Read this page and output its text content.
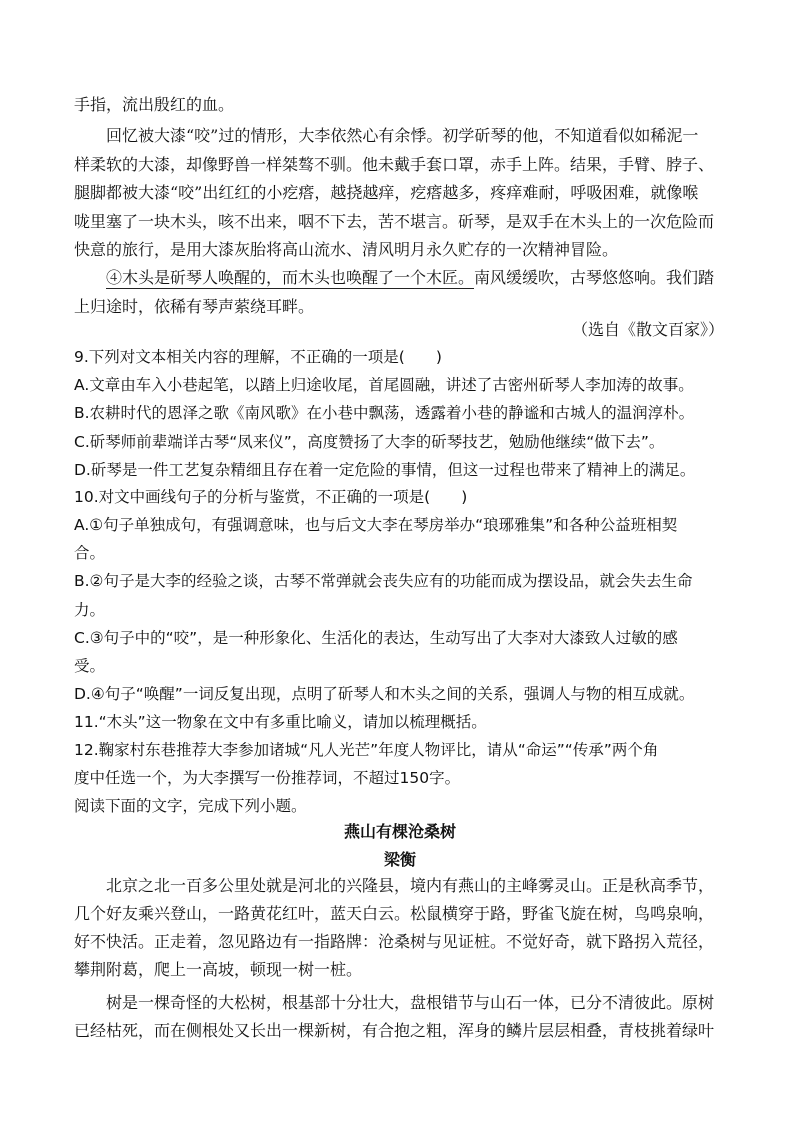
手指，流出殷红的血。
回忆被大漆“咬”过的情形，大李依然心有余悸。初学斫琴的他，不知道看似如稀泥一
样柔软的大漆，却像野兽一样桀骜不驯。他未戴手套口罩，赤手上阵。结果，手臂、脖子、
腿脚都被大漆“咬”出红红的小疙瘩，越挠越痒，疙瘩越多，疼痒难耐，呼吸困难，就像喉
咙里塞了一块木头，咳不出来，咽不下去，苦不堪言。斫琴，是双手在木头上的一次危险而
快意的旅行，是用大漆灰胎将高山流水、清风明月永久贮存的一次精神冒险。
④木头是斫琴人唤醒的，而木头也唤醒了一个木匠。南风缓缓吹，古琴悠悠响。我们踏
上归途时，依稀有琴声萦绕耳畔。
（选自《散文百家》）
9.下列对文本相关内容的理解，不正确的一项是(　　)
A.文章由车入小巷起笔，以踏上归途收尾，首尾圆融，讲述了古密州斫琴人李加涛的故事。
B.农耕时代的恩泽之歌《南风歌》在小巷中飘荡，透露着小巷的静谧和古城人的温润淳朴。
C.斫琴师前辈端详古琴“凤来仪”，高度赞扬了大李的斫琴技艺，勉励他继续“做下去”。
D.斫琴是一件工艺复杂精细且存在着一定危险的事情，但这一过程也带来了精神上的满足。
10.对文中画线句子的分析与鉴赏，不正确的一项是(　　)
A.①句子单独成句，有强调意味，也与后文大李在琴房举办“琅琊雅集”和各种公益班相契
合。
B.②句子是大李的经验之谈，古琴不常弹就会丧失应有的功能而成为摆设品，就会失去生命
力。
C.③句子中的“咬”，是一种形象化、生活化的表达，生动写出了大李对大漆致人过敏的感
受。
D.④句子“唤醒”一词反复出现，点明了斫琴人和木头之间的关系，强调人与物的相互成就。
11.“木头”这一物象在文中有多重比喻义，请加以梳理概括。
12.鞠家村东巷推荐大李参加诸城“凡人光芒”年度人物评比，请从“命运”“传承”两个角
度中任选一个，为大李撰写一份推荐词，不超过150字。
阅读下面的文字，完成下列小题。
燕山有棵沧桑树
梁衡
北京之北一百多公里处就是河北的兴隆县，境内有燕山的主峰雾灵山。正是秋高季节，
几个好友乘兴登山，一路黄花红叶，蓝天白云。松鼠横穿于路，野雀飞旋在树，鸟鸣泉响，
好不快活。正走着，忽见路边有一指路牌：沧桑树与见证桩。不觉好奇，就下路拐入荒径，
攀荆附葛，爬上一高坡，顿现一树一桩。
树是一棵奇怪的大松树，根基部十分壮大，盘根错节与山石一体，已分不清彼此。原树
已经枯死，而在侧根处又长出一棵新树，有合抱之粗，浑身的鳞片层层相叠，青枝挑着绿叶
